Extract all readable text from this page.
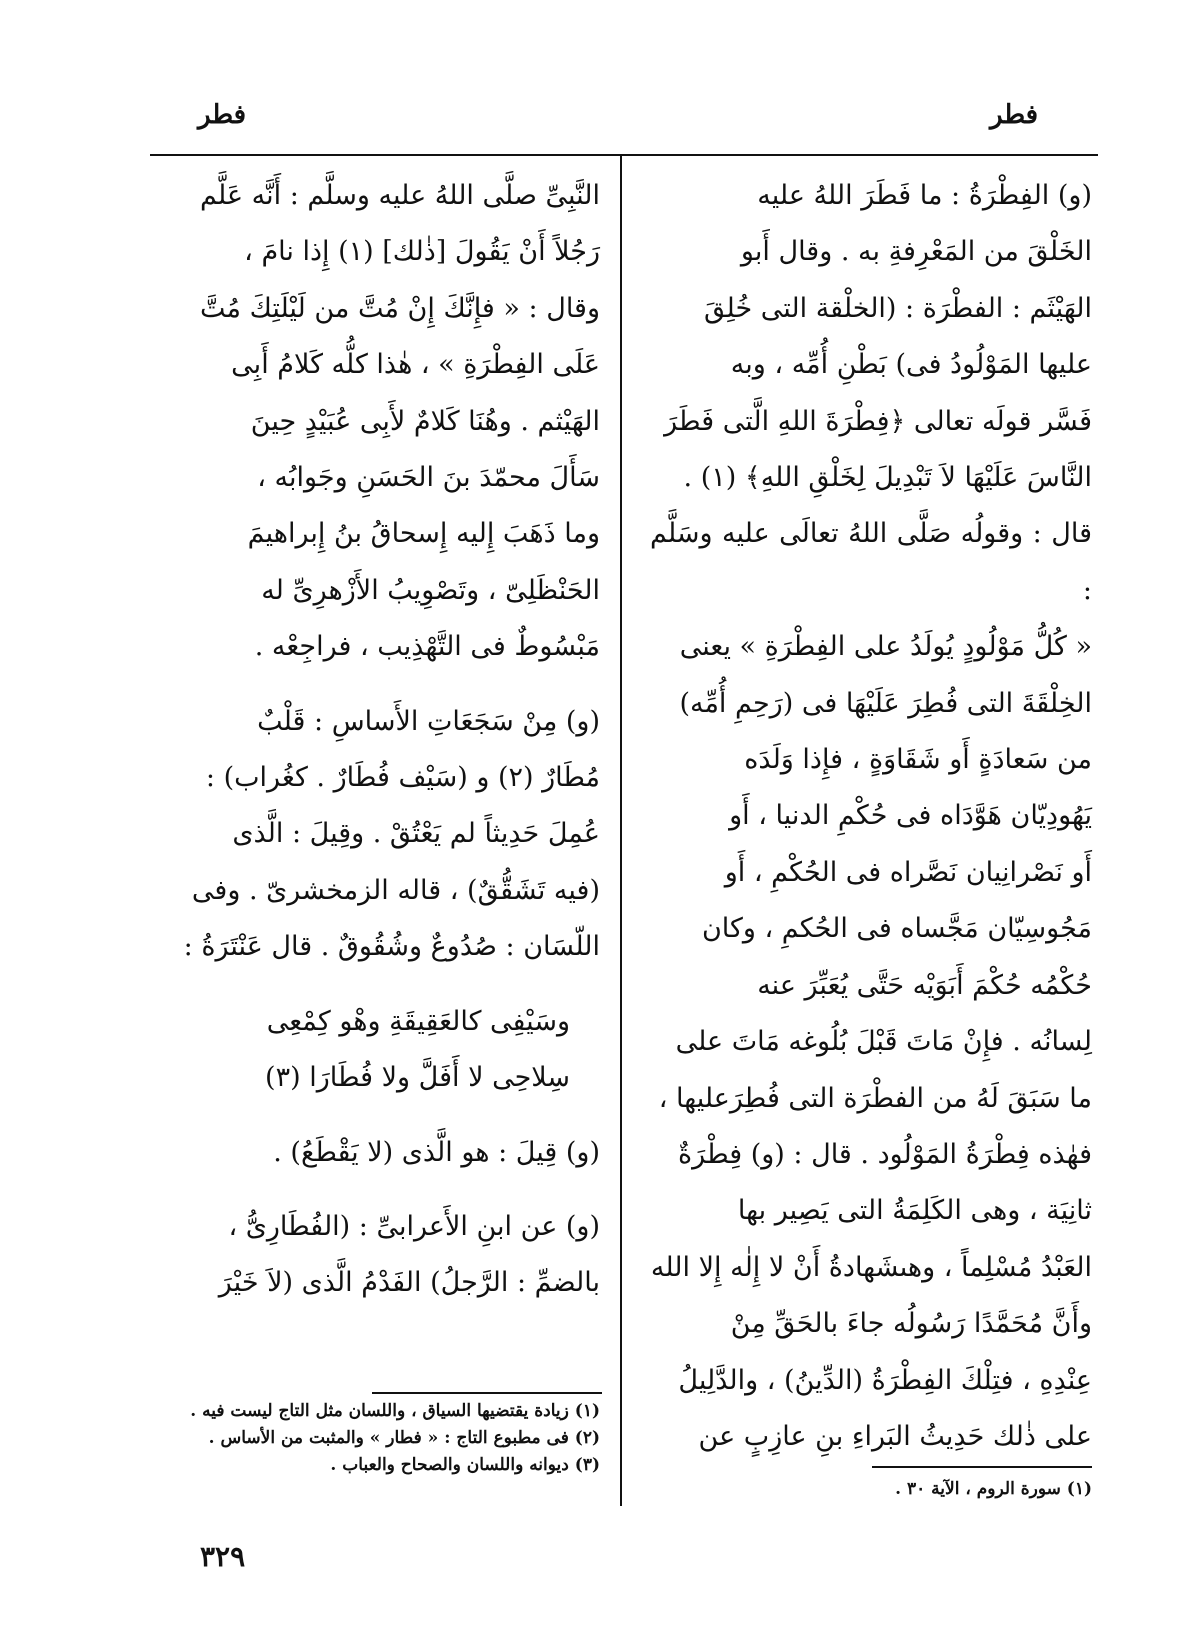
فطر
فطر

(و) الفِطْرَةُ : ما فَطَرَ اللهُ عليه

الخَلْقَ من المَعْرِفةِ به . وقال أَبو

الهَيْثَم : الفطْرَة : (الخلْقة التى خُلِقَ

عليها المَوْلُودُ فى) بَطْنِ أُمِّه ، وبه

فَسَّر قولَه تعالى ﴿فِطْرَةَ اللهِ الَّتى فَطَرَ

النَّاسَ عَلَيْهَا لاَ تَبْدِيلَ لِخَلْقِ اللهِ﴾ (١) .

قال : وقولُه صَلَّى اللهُ تعالَى عليه وسَلَّم :

« كُلُّ مَوْلُودٍ يُولَدُ على الفِطْرَةِ » يعنى

الخِلْقَةَ التى فُطِرَ عَلَيْهَا فى (رَحِمِ أُمِّه)

من سَعادَةٍ أَو شَقَاوَةٍ ، فإِذا وَلَدَه

يَهُودِيّان هَوَّدَاه فى حُكْمِ الدنيا ، أَو

أَو نَصْرانِيان نَصَّراه فى الحُكْمِ ، أَو

مَجُوسِيّان مَجَّساه فى الحُكمِ ، وكان

حُكْمُه حُكْمَ أَبَوَيْه حَتَّى يُعَبِّرَ عنه

لِسانُه . فإِنْ مَاتَ قَبْلَ بُلُوغه مَاتَ على

ما سَبَقَ لَهُ من الفطْرَة التى فُطِرَعليها ،

فهٰذه فِطْرَةُ المَوْلُود . قال : (و) فِطْرَةٌ

ثانِيَة ، وهى الكَلِمَةُ التى يَصِير بها

العَبْدُ مُسْلِماً ، وهىشَهادةُ أَنْ لا إِلٰه إِلا الله

وأَنَّ مُحَمَّدًا رَسُولُه جاءَ بالحَقِّ مِنْ

عِنْدِهِ ، فتِلْكَ الفِطْرَةُ (الدِّينُ) ، والدَّلِيلُ

على ذٰلك حَدِيثُ البَراءِ بنِ عازِبٍ عن

النَّبِىِّ صلَّى اللهُ عليه وسلَّم : أَنَّه عَلَّم

رَجُلاً أَنْ يَقُولَ [ذٰلك] (١) إِذا نامَ ،

وقال : « فإِنَّكَ إِنْ مُتَّ من لَيْلَتِكَ مُتَّ

عَلَى الفِطْرَةِ » ، هٰذا كلُّه كَلامُ أَبِى

الهَيْثم . وهُنَا كَلامٌ لأَبِى عُبَيْدٍ حِينَ

سَأَلَ محمّدَ بنَ الحَسَنِ وجَوابُه ،

وما ذَهَبَ إِليه إِسحاقُ بنُ إِبراهيمَ

الحَنْظَلِىّ ، وتَصْوِيبُ الأَزْهرِىِّ له

مَبْسُوطٌ فى التَّهْذِيب ، فراجِعْه .

(و) مِنْ سَجَعَاتِ الأَساسِ : قَلْبٌ

مُطَارٌ (٢) و (سَيْف فُطَارٌ . كغُراب) :

عُمِلَ حَدِيثاً لم يَعْتُقْ . وقِيلَ : الَّذى

(فيه تَشَقُّقٌ) ، قاله الزمخشرىّ . وفى

اللّسَان : صُدُوعٌ وشُقُوقٌ . قال عَنْتَرَةُ :

وسَيْفِى كالعَقِيقَةِ وهْو كِمْعِى

سِلاحِى لا أَفَلَّ ولا فُطَارَا (٣)

(و) قِيلَ : هو الَّذى (لا يَقْطَعُ) .

(و) عن ابنِ الأَعرابىِّ : (الفُطَارِىُّ ،

بالضمِّ : الرَّجلُ) الفَدْمُ الَّذى (لاَ خَيْرَ

(١) سورة الروم ، الآية ٣٠ .
(١) زيادة يقتضيها السياق ، واللسان مثل التاج ليست فيه .
(٢) فى مطبوع التاج : « فطار » والمثبت من الأساس .
(٣) ديوانه واللسان والصحاح والعباب .
٣٢٩
